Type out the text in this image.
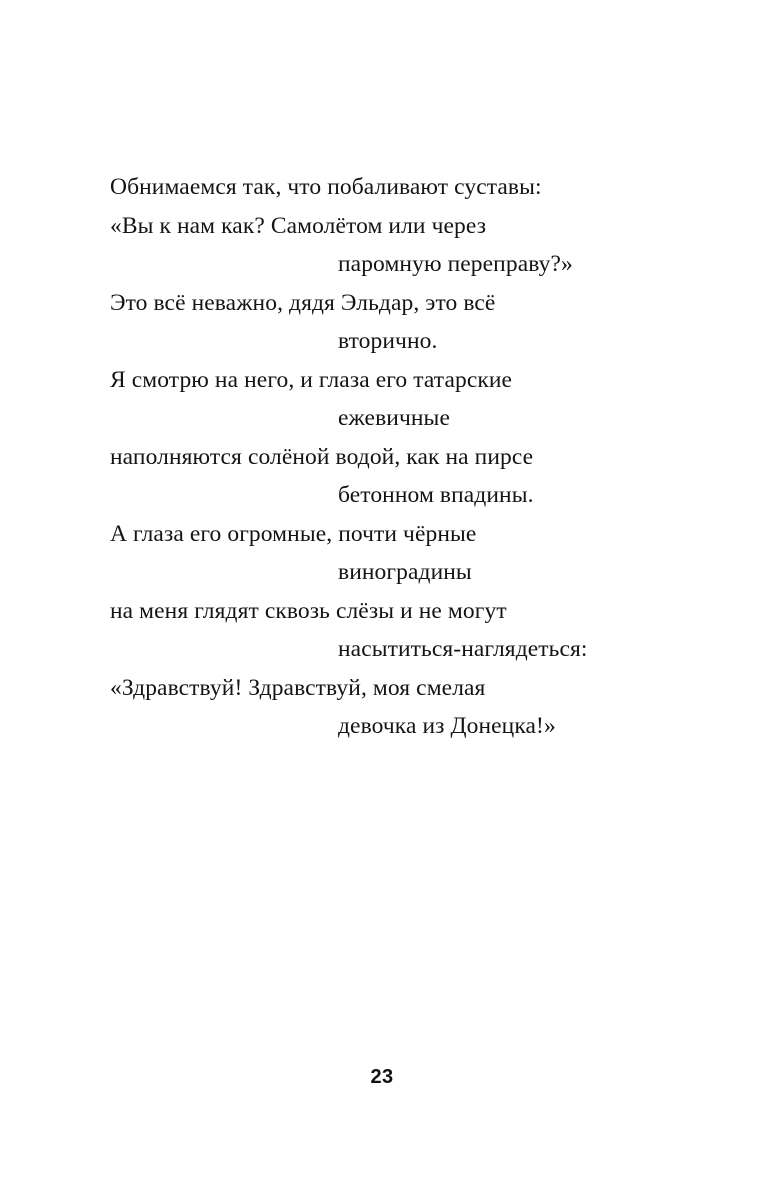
Обнимаемся так, что побаливают суставы:
«Вы к нам как? Самолётом или через
паромную переправу?»
Это всё неважно, дядя Эльдар, это всё
вторично.
Я смотрю на него, и глаза его татарские
ежевичные
наполняются солёной водой, как на пирсе
бетонном впадины.
А глаза его огромные, почти чёрные
виноградины
на меня глядят сквозь слёзы и не могут
насытиться-наглядеться:
«Здравствуй! Здравствуй, моя смелая
девочка из Донецка!»
23
